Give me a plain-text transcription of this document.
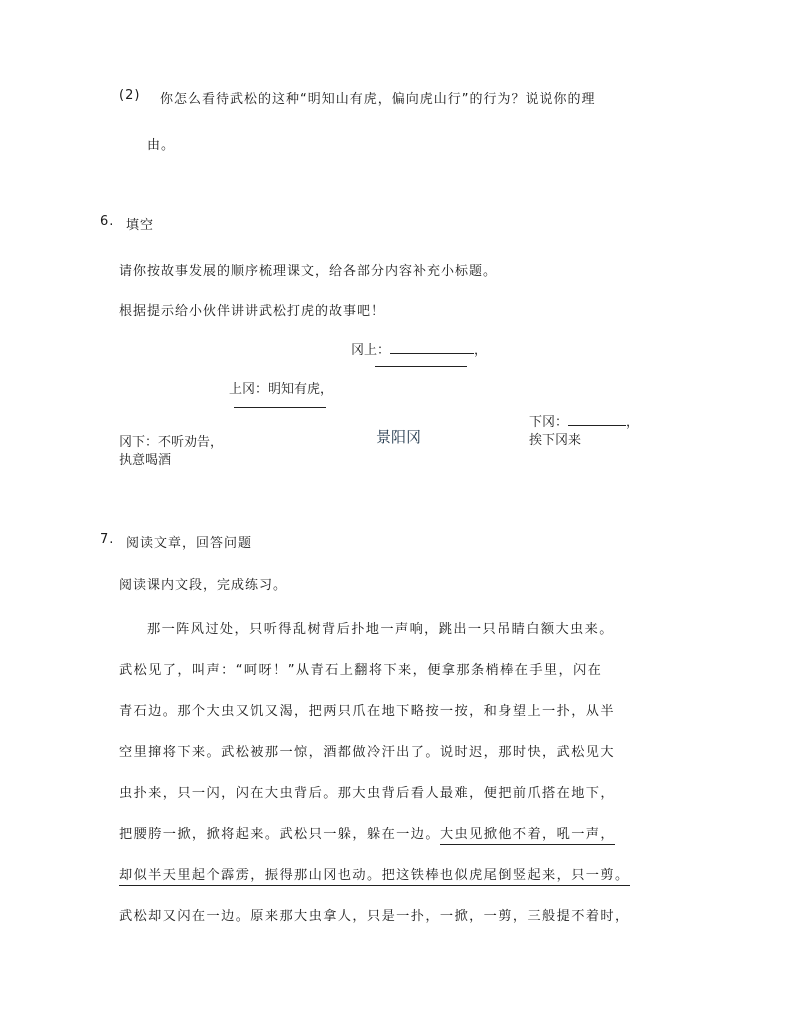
(2) 你怎么看待武松的这种“明知山有虎，偏向虎山行”的行为？说说你的理
由。
6. 填空
请你按故事发展的顺序梳理课文，给各部分内容补充小标题。
根据提示给小伙伴讲讲武松打虎的故事吧！
冈上：	，
上冈：明知有虎，
景阳冈
下冈：	，
挨下冈来
冈下：不听劝告，
执意喝酒
7. 阅读文章，回答问题
阅读课内文段，完成练习。
那一阵风过处，只听得乱树背后扑地一声响，跳出一只吊睛白额大虫来。
武松见了，叫声：“呵呀！”从青石上翻将下来，便拿那条梢棒在手里，闪在
青石边。那个大虫又饥又渴，把两只爪在地下略按一按，和身望上一扑，从半
空里撺将下来。武松被那一惊，酒都做冷汗出了。说时迟，那时快，武松见大
虫扑来，只一闪，闪在大虫背后。那大虫背后看人最难，便把前爪搭在地下，
把腰胯一掀，掀将起来。武松只一躲，躲在一边。大虫见掀他不着，吼一声，
却似半天里起个霹雳，振得那山冈也动。把这铁棒也似虎尾倒竖起来，只一剪。
武松却又闪在一边。原来那大虫拿人，只是一扑，一掀，一剪，三般提不着时，
